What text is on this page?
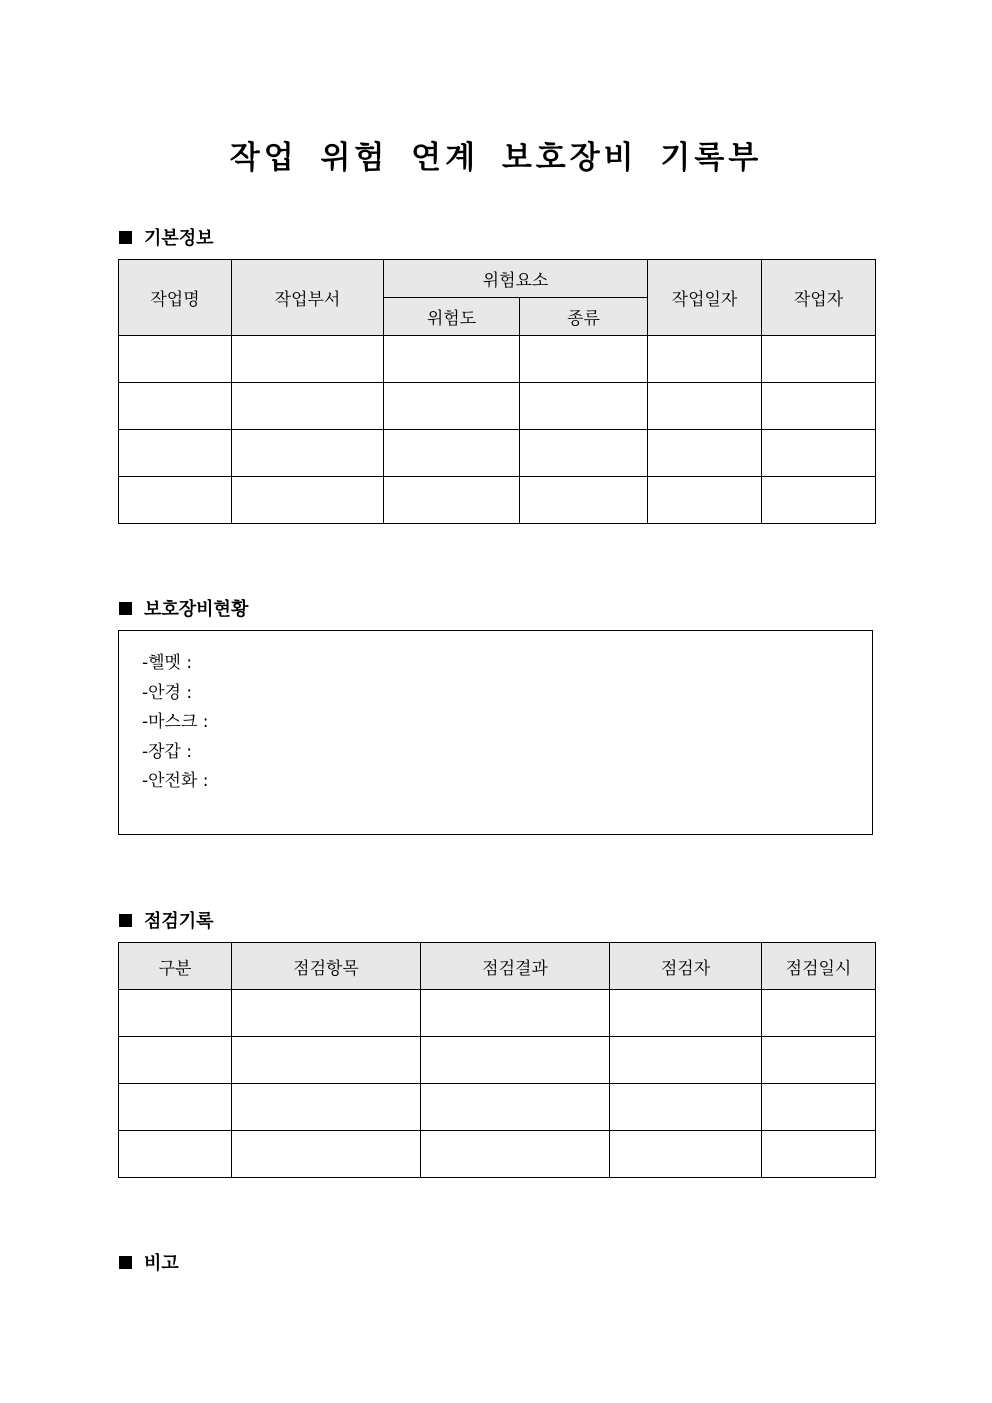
작업 위험 연계 보호장비 기록부
기본정보
작업명	작업부서	위험요소		작업일자	작업자
		위험도	종류		

보호장비현황
-헬멧 :
-안경 :
-마스크 :
-장갑 :
-안전화 :
점검기록
구분	점검항목	점검결과	점검자	점검일시

비고
